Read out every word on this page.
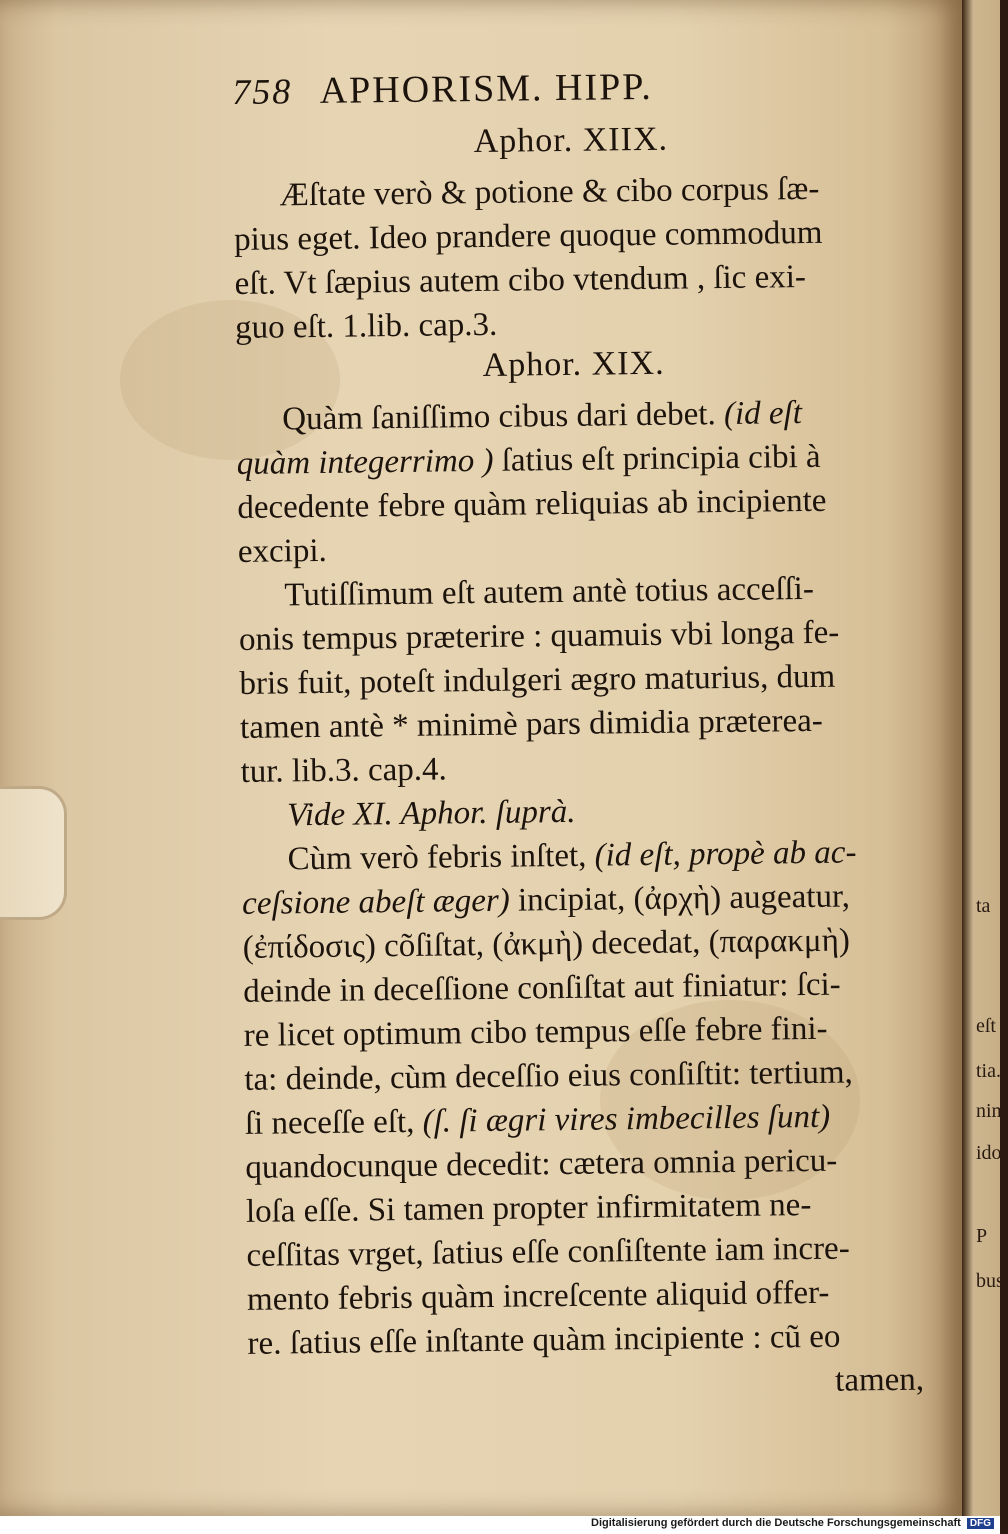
758 APHORISM. HIPP.
Aphor. XIIX.
Æſtate verò & potione & cibo corpus ſæ-
pius eget. Ideo prandere quoque commodum
eſt. Vt ſæpius autem cibo vtendum , ſic exi-
guo eſt. 1.lib. cap.3.
Aphor. XIX.
Quàm ſaniſſimo cibus dari debet. (id eſt
quàm integerrimo ) ſatius eſt principia cibi à
decedente febre quàm reliquias ab incipiente
excipi.
Tutiſſimum eſt autem antè totius acceſſi-
onis tempus præterire : quamuis vbi longa fe-
bris fuit, poteſt indulgeri ægro maturius, dum
tamen antè * minimè pars dimidia prætereа-
tur. lib.3. cap.4.
Vide XI. Aphor. ſuprà.
Cùm verò febris inſtet, (id eſt, propè ab ac-
ceſsione abeſt æger) incipiat, (ἀρχὴ) augeatur,
(ἐπίδοσις) cõſiſtat, (ἀκμὴ) decedat, (παρακμὴ)
deinde in deceſſione conſiſtat aut finiatur: ſci-
re licet optimum cibo tempus eſſe febre fini-
ta: deinde, cùm deceſſio eius conſiſtit: tertium,
ſi neceſſe eſt, (ſ. ſi ægri vires imbecilles ſunt)
quandocunque decedit: cætera omnia pericu-
loſa eſſe. Si tamen propter infirmitatem ne-
ceſſitas vrget, ſatius eſſe conſiſtente iam incre-
mento febris quàm increſcente aliquid offer-
re. ſatius eſſe inſtante quàm incipiente : cũ eo
tamen,
ta
eſt
tia.
nim
idor
P
bus
Digitalisierung gefördert durch die Deutsche Forschungsgemeinschaft DFG
